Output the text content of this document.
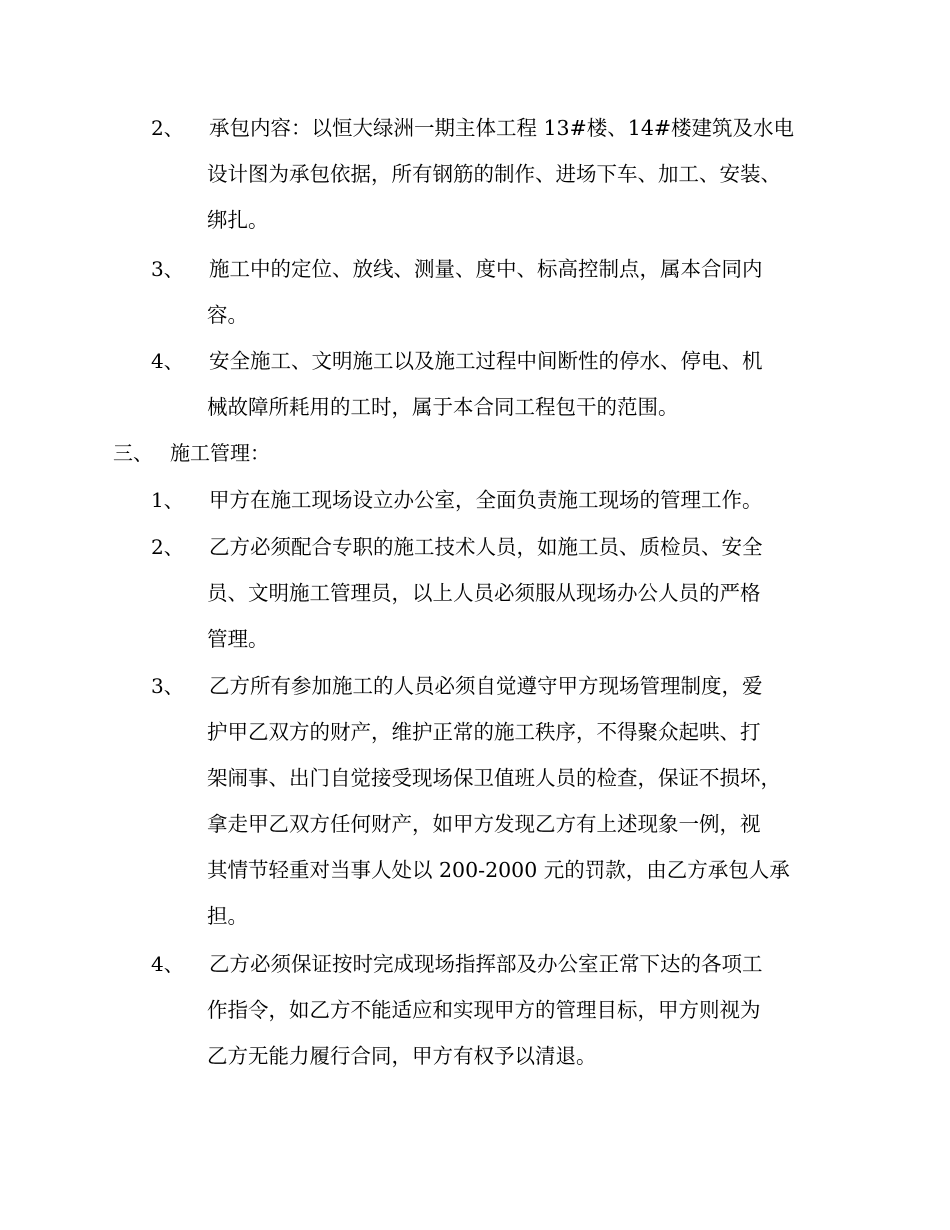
2、 承包内容：以恒大绿洲一期主体工程 13#楼、14#楼建筑及水电
设计图为承包依据，所有钢筋的制作、进场下车、加工、安装、
绑扎。
3、 施工中的定位、放线、测量、度中、标高控制点，属本合同内
容。
4、 安全施工、文明施工以及施工过程中间断性的停水、停电、机
械故障所耗用的工时，属于本合同工程包干的范围。
三、 施工管理：
1、 甲方在施工现场设立办公室，全面负责施工现场的管理工作。
2、 乙方必须配合专职的施工技术人员，如施工员、质检员、安全
员、文明施工管理员，以上人员必须服从现场办公人员的严格
管理。
3、 乙方所有参加施工的人员必须自觉遵守甲方现场管理制度，爱
护甲乙双方的财产，维护正常的施工秩序，不得聚众起哄、打
架闹事、出门自觉接受现场保卫值班人员的检查，保证不损坏，
拿走甲乙双方任何财产，如甲方发现乙方有上述现象一例，视
其情节轻重对当事人处以 200-2000 元的罚款，由乙方承包人承
担。
4、 乙方必须保证按时完成现场指挥部及办公室正常下达的各项工
作指令，如乙方不能适应和实现甲方的管理目标，甲方则视为
乙方无能力履行合同，甲方有权予以清退。
